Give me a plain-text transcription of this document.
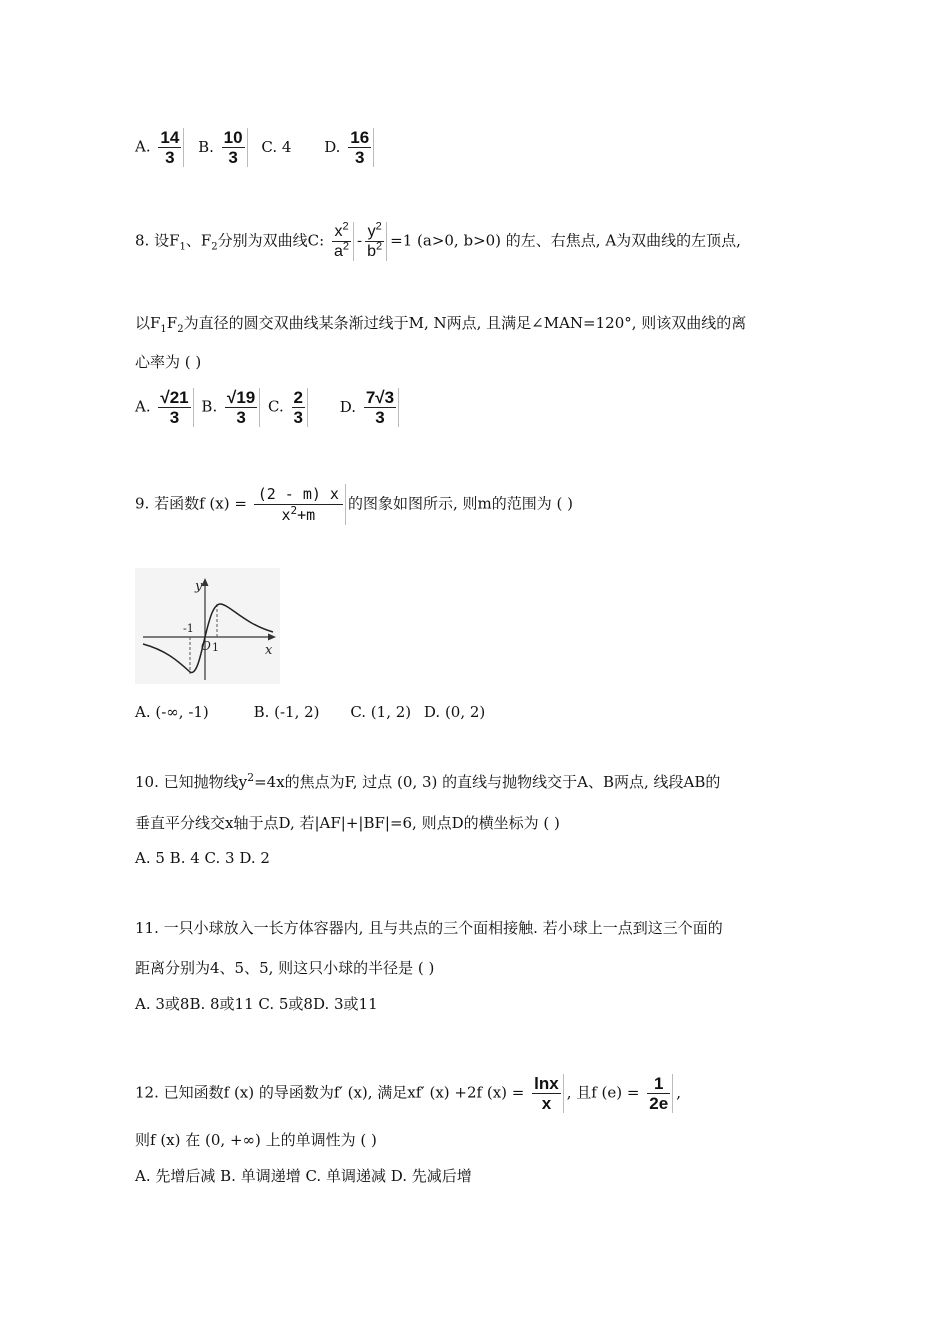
A. $\frac{14}{3} B$. $\frac{10}{3} C$. 4 D. $\frac{16}{3}$
8. 设$F_1$、$F_2$分别为双曲线C: $\frac{x^2}{a^2} - \frac{y^2}{b^2} =1$ (a>0, b>0) 的左、右焦点, A为双曲线的左顶点,
以$F_1F_2$为直径的圆交双曲线某条渐过线于M, N两点, 且满足∠MAN=120°, 则该双曲线的离
心率为 ( )
A. $\frac{√21}{3} B$. $\frac{√19}{3} C$. $\frac{2}{3} D$. $\frac{7√3}{3}$
9. 若函数f $(x) = \frac{(2 - m) x}{x^2+m}$ 的图象如图所示, 则m的范围为 ( )
y
x
-1
O 1
A. (-∞, -1)	B. (-1, 2) C. (1, 2) D. (0, 2)
10. 已知抛物线$y^2=4x$的焦点为F, 过点 (0, 3) 的直线与抛物线交于A、B两点, 线段AB的
垂直平分线交x轴于点D, 若|AF|+|BF|=6, 则点D的横坐标为 ( )
A. 5 B. 4 C. 3 D. 2
11. 一只小球放入一长方体容器内, 且与共点的三个面相接触. 若小球上一点到这三个面的
距离分别为4、5、5, 则这只小球的半径是 ( )
A. 3或8B. 8或11 C. 5或8D. 3或11
12. 已知函数f (x) 的导函数为f′ (x), 满足xf′ (x) +2f $(x) = \frac{\ln x}{x}$ , 且f $(e) = \frac{1}{2e}$ ,
则f (x) 在 (0, +∞) 上的单调性为 ( )
A. 先增后减 B. 单调递增 C. 单调递减 D. 先减后增
